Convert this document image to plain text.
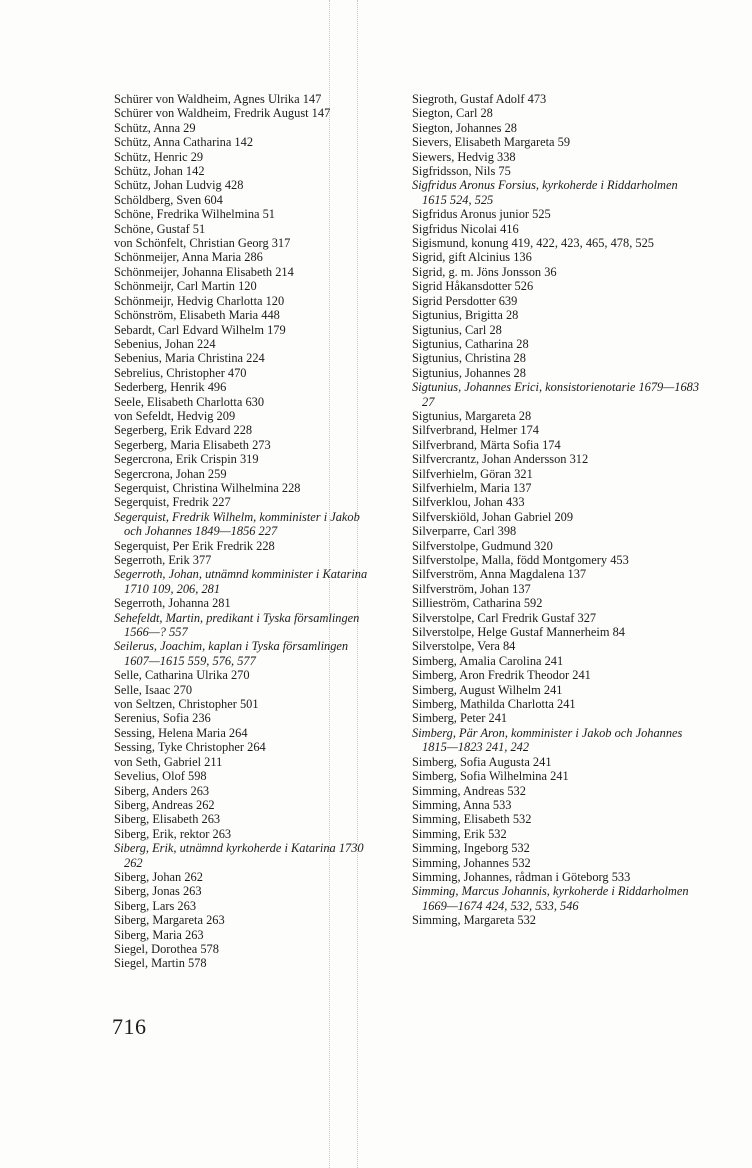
Schürer von Waldheim, Agnes Ulrika 147
Schürer von Waldheim, Fredrik August 147
Schütz, Anna 29
Schütz, Anna Catharina 142
Schütz, Henric 29
Schütz, Johan 142
Schütz, Johan Ludvig 428
Schöldberg, Sven 604
Schöne, Fredrika Wilhelmina 51
Schöne, Gustaf 51
von Schönfelt, Christian Georg 317
Schönmeijer, Anna Maria 286
Schönmeijer, Johanna Elisabeth 214
Schönmeijr, Carl Martin 120
Schönmeijr, Hedvig Charlotta 120
Schönström, Elisabeth Maria 448
Sebardt, Carl Edvard Wilhelm 179
Sebenius, Johan 224
Sebenius, Maria Christina 224
Sebrelius, Christopher 470
Sederberg, Henrik 496
Seele, Elisabeth Charlotta 630
von Sefeldt, Hedvig 209
Segerberg, Erik Edvard 228
Segerberg, Maria Elisabeth 273
Segercrona, Erik Crispin 319
Segercrona, Johan 259
Segerquist, Christina Wilhelmina 228
Segerquist, Fredrik 227
Segerquist, Fredrik Wilhelm, komminister i Jakob och Johannes 1849—1856 227
Segerquist, Per Erik Fredrik 228
Segerroth, Erik 377
Segerroth, Johan, utnämnd komminister i Katarina 1710 109, 206, 281
Segerroth, Johanna 281
Sehefeldt, Martin, predikant i Tyska församlingen 1566—? 557
Seilerus, Joachim, kaplan i Tyska församlingen 1607—1615 559, 576, 577
Selle, Catharina Ulrika 270
Selle, Isaac 270
von Seltzen, Christopher 501
Serenius, Sofia 236
Sessing, Helena Maria 264
Sessing, Tyke Christopher 264
von Seth, Gabriel 211
Sevelius, Olof 598
Siberg, Anders 263
Siberg, Andreas 262
Siberg, Elisabeth 263
Siberg, Erik, rektor 263
Siberg, Erik, utnämnd kyrkoherde i Katarina 1730 262
Siberg, Johan 262
Siberg, Jonas 263
Siberg, Lars 263
Siberg, Margareta 263
Siberg, Maria 263
Siegel, Dorothea 578
Siegel, Martin 578
Siegroth, Gustaf Adolf 473
Siegton, Carl 28
Siegton, Johannes 28
Sievers, Elisabeth Margareta 59
Siewers, Hedvig 338
Sigfridsson, Nils 75
Sigfridus Aronus Forsius, kyrkoherde i Riddarholmen 1615 524, 525
Sigfridus Aronus junior 525
Sigfridus Nicolai 416
Sigismund, konung 419, 422, 423, 465, 478, 525
Sigrid, gift Alcinius 136
Sigrid, g. m. Jöns Jonsson 36
Sigrid Håkansdotter 526
Sigrid Persdotter 639
Sigtunius, Brigitta 28
Sigtunius, Carl 28
Sigtunius, Catharina 28
Sigtunius, Christina 28
Sigtunius, Johannes 28
Sigtunius, Johannes Erici, konsistorienotarie 1679—1683 27
Sigtunius, Margareta 28
Silfverbrand, Helmer 174
Silfverbrand, Märta Sofia 174
Silfvercrantz, Johan Andersson 312
Silfverhielm, Göran 321
Silfverhielm, Maria 137
Silfverklou, Johan 433
Silfverskiöld, Johan Gabriel 209
Silverparre, Carl 398
Silfverstolpe, Gudmund 320
Silfverstolpe, Malla, född Montgomery 453
Silfverström, Anna Magdalena 137
Silfverström, Johan 137
Sillieström, Catharina 592
Silverstolpe, Carl Fredrik Gustaf 327
Silverstolpe, Helge Gustaf Mannerheim 84
Silverstolpe, Vera 84
Simberg, Amalia Carolina 241
Simberg, Aron Fredrik Theodor 241
Simberg, August Wilhelm 241
Simberg, Mathilda Charlotta 241
Simberg, Peter 241
Simberg, Pär Aron, komminister i Jakob och Johannes 1815—1823 241, 242
Simberg, Sofia Augusta 241
Simberg, Sofia Wilhelmina 241
Simming, Andreas 532
Simming, Anna 533
Simming, Elisabeth 532
Simming, Erik 532
Simming, Ingeborg 532
Simming, Johannes 532
Simming, Johannes, rådman i Göteborg 533
Simming, Marcus Johannis, kyrkoherde i Riddarholmen 1669—1674 424, 532, 533, 546
Simming, Margareta 532
716
